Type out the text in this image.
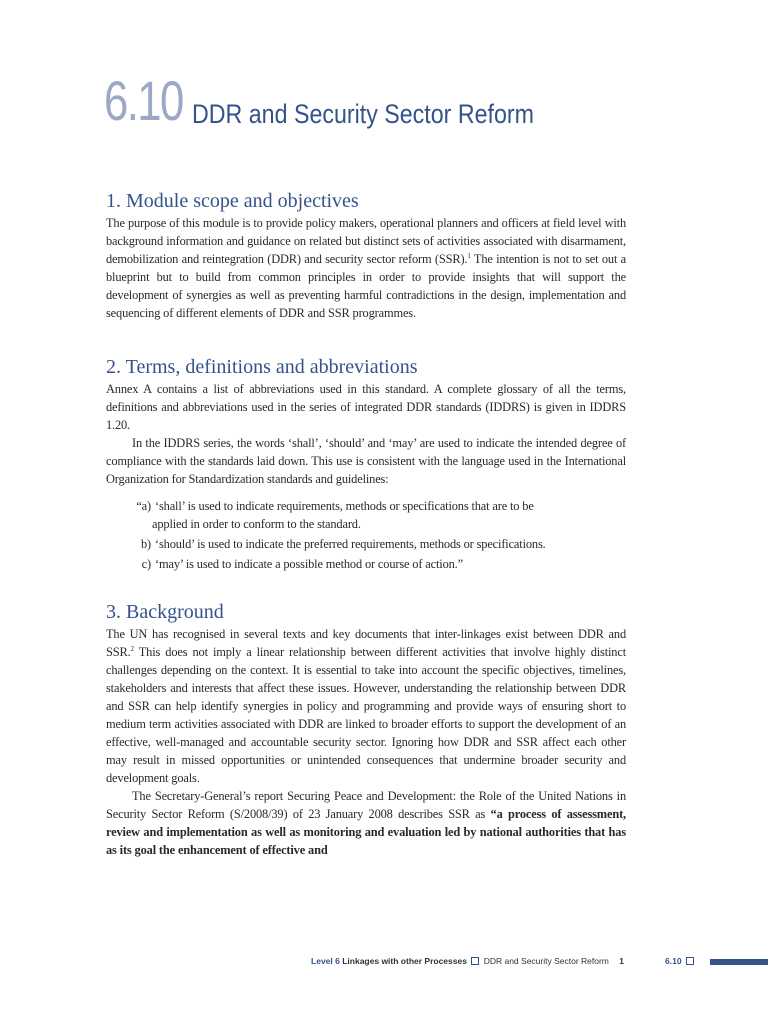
6.10 DDR and Security Sector Reform
1. Module scope and objectives

The purpose of this module is to provide policy makers, operational planners and officers at field level with background information and guidance on related but distinct sets of activities associated with disarmament, demobilization and reintegration (DDR) and security sector reform (SSR).$^1$ The intention is not to set out a blueprint but to build from common principles in order to provide insights that will support the development of synergies as well as preventing harmful contradictions in the design, implementation and sequencing of different elements of DDR and SSR programmes.

2. Terms, definitions and abbreviations

Annex A contains a list of abbreviations used in this standard. A complete glossary of all the terms, definitions and abbreviations used in the series of integrated DDR standards (IDDRS) is given in IDDRS 1.20.

In the IDDRS series, the words ‘shall’, ‘should’ and ‘may’ are used to indicate the intended degree of compliance with the standards laid down. This use is consistent with the language used in the International Organization for Standardization standards and guidelines:

“a) ‘shall’ is used to indicate requirements, methods or specifications that are to be
applied in order to conform to the standard.
b) ‘should’ is used to indicate the preferred requirements, methods or specifications.
c) ‘may’ is used to indicate a possible method or course of action.”
3. Background

The UN has recognised in several texts and key documents that inter-linkages exist between DDR and SSR.$^2$ This does not imply a linear relationship between different activities that involve highly distinct challenges depending on the context. It is essential to take into account the specific objectives, timelines, stakeholders and interests that affect these issues. However, understanding the relationship between DDR and SSR can help identify synergies in policy and programming and provide ways of ensuring short to medium term activities associated with DDR are linked to broader efforts to support the development of an effective, well-managed and accountable security sector. Ignoring how DDR and SSR affect each other may result in missed opportunities or unintended consequences that undermine broader security and development goals.

The Secretary-General’s report Securing Peace and Development: the Role of the United Nations in Security Sector Reform (S/2008/39) of 23 January 2008 describes SSR as “a process of assessment, review and implementation as well as monitoring and evaluation led by national authorities that has as its goal the enhancement of effective and

Level 6 Linkages with other Processes DDR and Security Sector Reform 1	6.10
